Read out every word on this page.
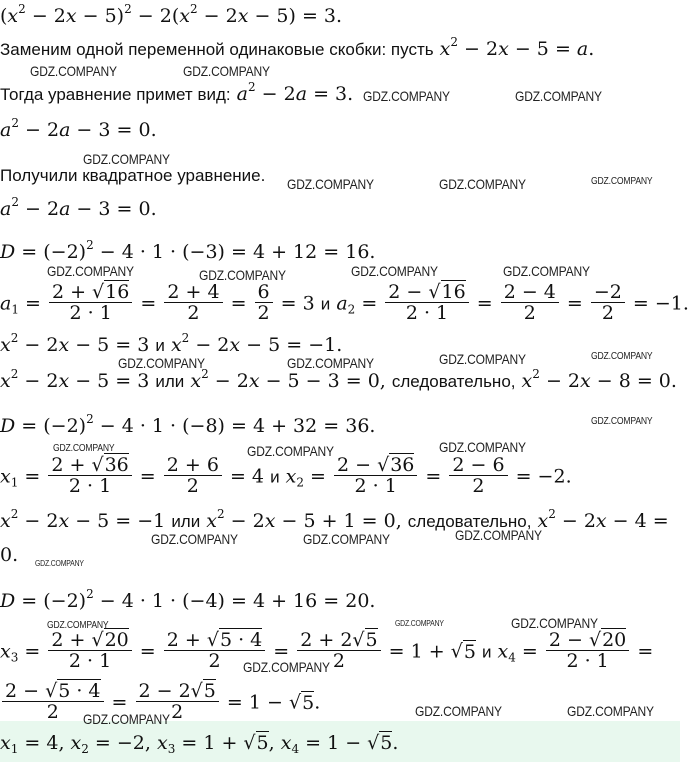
$(x^2 - 2x - 5)^2 - 2(x^2 - 2x - 5) = 3$.
Заменим одной переменной одинаковые скобки: пусть $x^2 - 2x - 5 = a$.
Тогда уравнение примет вид: $a^2 - 2a = 3$.
$a^2 - 2a - 3 = 0$.
Получили квадратное уравнение.
$a^2 - 2a - 3 = 0$.
$D = (-2)^2 - 4 \cdot 1 \cdot (-3) = 4 + 12 = 16$.
$a_1 = \frac{2 + √16}{2 \cdot 1} = \frac{2 + 4}{2} = \frac{6}{2} = 3$ и $a_2 = \frac{2 - √16}{2 \cdot 1} = \frac{2 - 4}{2} = \frac{-2}{2} = -1$.
$x^2 - 2x - 5 = 3$ и $x^2 - 2x - 5 = -1$.
$x^2 - 2x - 5 = 3$ или $x^2 - 2x - 5 - 3 = 0$, следовательно, $x^2 - 2x - 8 = 0$.
$D = (-2)^2 - 4 \cdot 1 \cdot (-8) = 4 + 32 = 36$.
$x_1 = \frac{2 + √36}{2 \cdot 1} = \frac{2 + 6}{2} = 4$ и $x_2 = \frac{2 - √36}{2 \cdot 1} = \frac{2 - 6}{2} = -2$.
$x^2 - 2x - 5 = -1$ или $x^2 - 2x - 5 + 1 = 0$, следовательно, $x^2 - 2x - 4$ =
0.
$D = (-2)^2 - 4 \cdot 1 \cdot (-4) = 4 + 16 = 20$.
$x_3 = \frac{2 + √20}{2 \cdot 1} = \frac{2 + √5 \cdot 4}{2} = \frac{2 + 2√5}{2} = 1 + √5$ и $x_4 = \frac{2 - √20}{2 \cdot 1}$ =
$\frac{2 - √5 \cdot 4}{2} = \frac{2 - 2√5}{2} = 1 - √5$.
$x_1 = 4$, $x_2 = -2$, $x_3 = 1 + √5$, $x_4 = 1 - √5$.
GDZ.COMPANY	GDZ.COMPANY
GDZ.COMPANY	GDZ.COMPANY
GDZ.COMPANY
GDZ.COMPANY	GDZ.COMPANY	GDZ.COMPANY
GDZ.COMPANY	GDZ.COMPANY	GDZ.COMPANY	GDZ.COMPANY
GDZ.COMPANY	GDZ.COMPANY	GDZ.COMPANY	GDZ.COMPANY
GDZ.COMPANY
GDZ.COMPANY	GDZ.COMPANY
GDZ.COMPANY
GDZ.COMPANY	GDZ.COMPANY	GDZ.COMPANY
GDZ.COMPANY
GDZ.COMPANY	GDZ.COMPANY	GDZ.COMPANY
GDZ.COMPANY
GDZ.COMPANY	GDZ.COMPANY	GDZ.COMPANY
